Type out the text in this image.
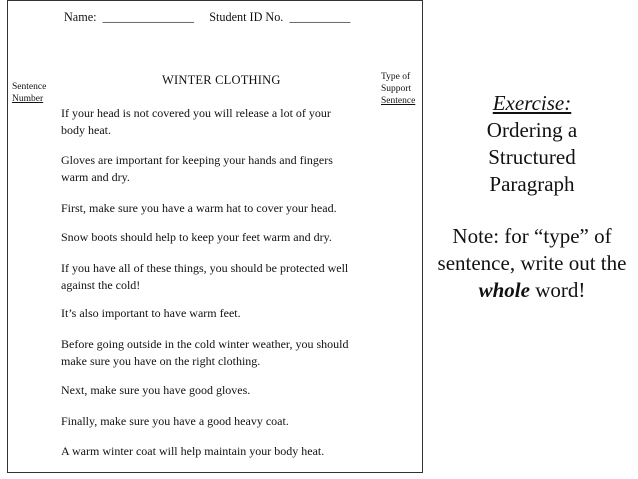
Name:  _______________     Student ID No.  __________
Sentence
Number
WINTER CLOTHING	Type of
Support
Sentence
If your head is not covered you will release a lot of your
body heat.
Gloves are important for keeping your hands and fingers
warm and dry.
First, make sure you have a warm hat to cover your head.
Snow boots should help to keep your feet warm and dry.
If you have all of these things, you should be protected well
against the cold!
It’s also important to have warm feet.
Before going outside in the cold winter weather, you should
make sure you have on the right clothing.
Next, make sure you have good gloves.
Finally, make sure you have a good heavy coat.
A warm winter coat will help maintain your body heat.
Exercise:
Ordering a
Structured
Paragraph
Note: for “type” of sentence, write out the whole word!
